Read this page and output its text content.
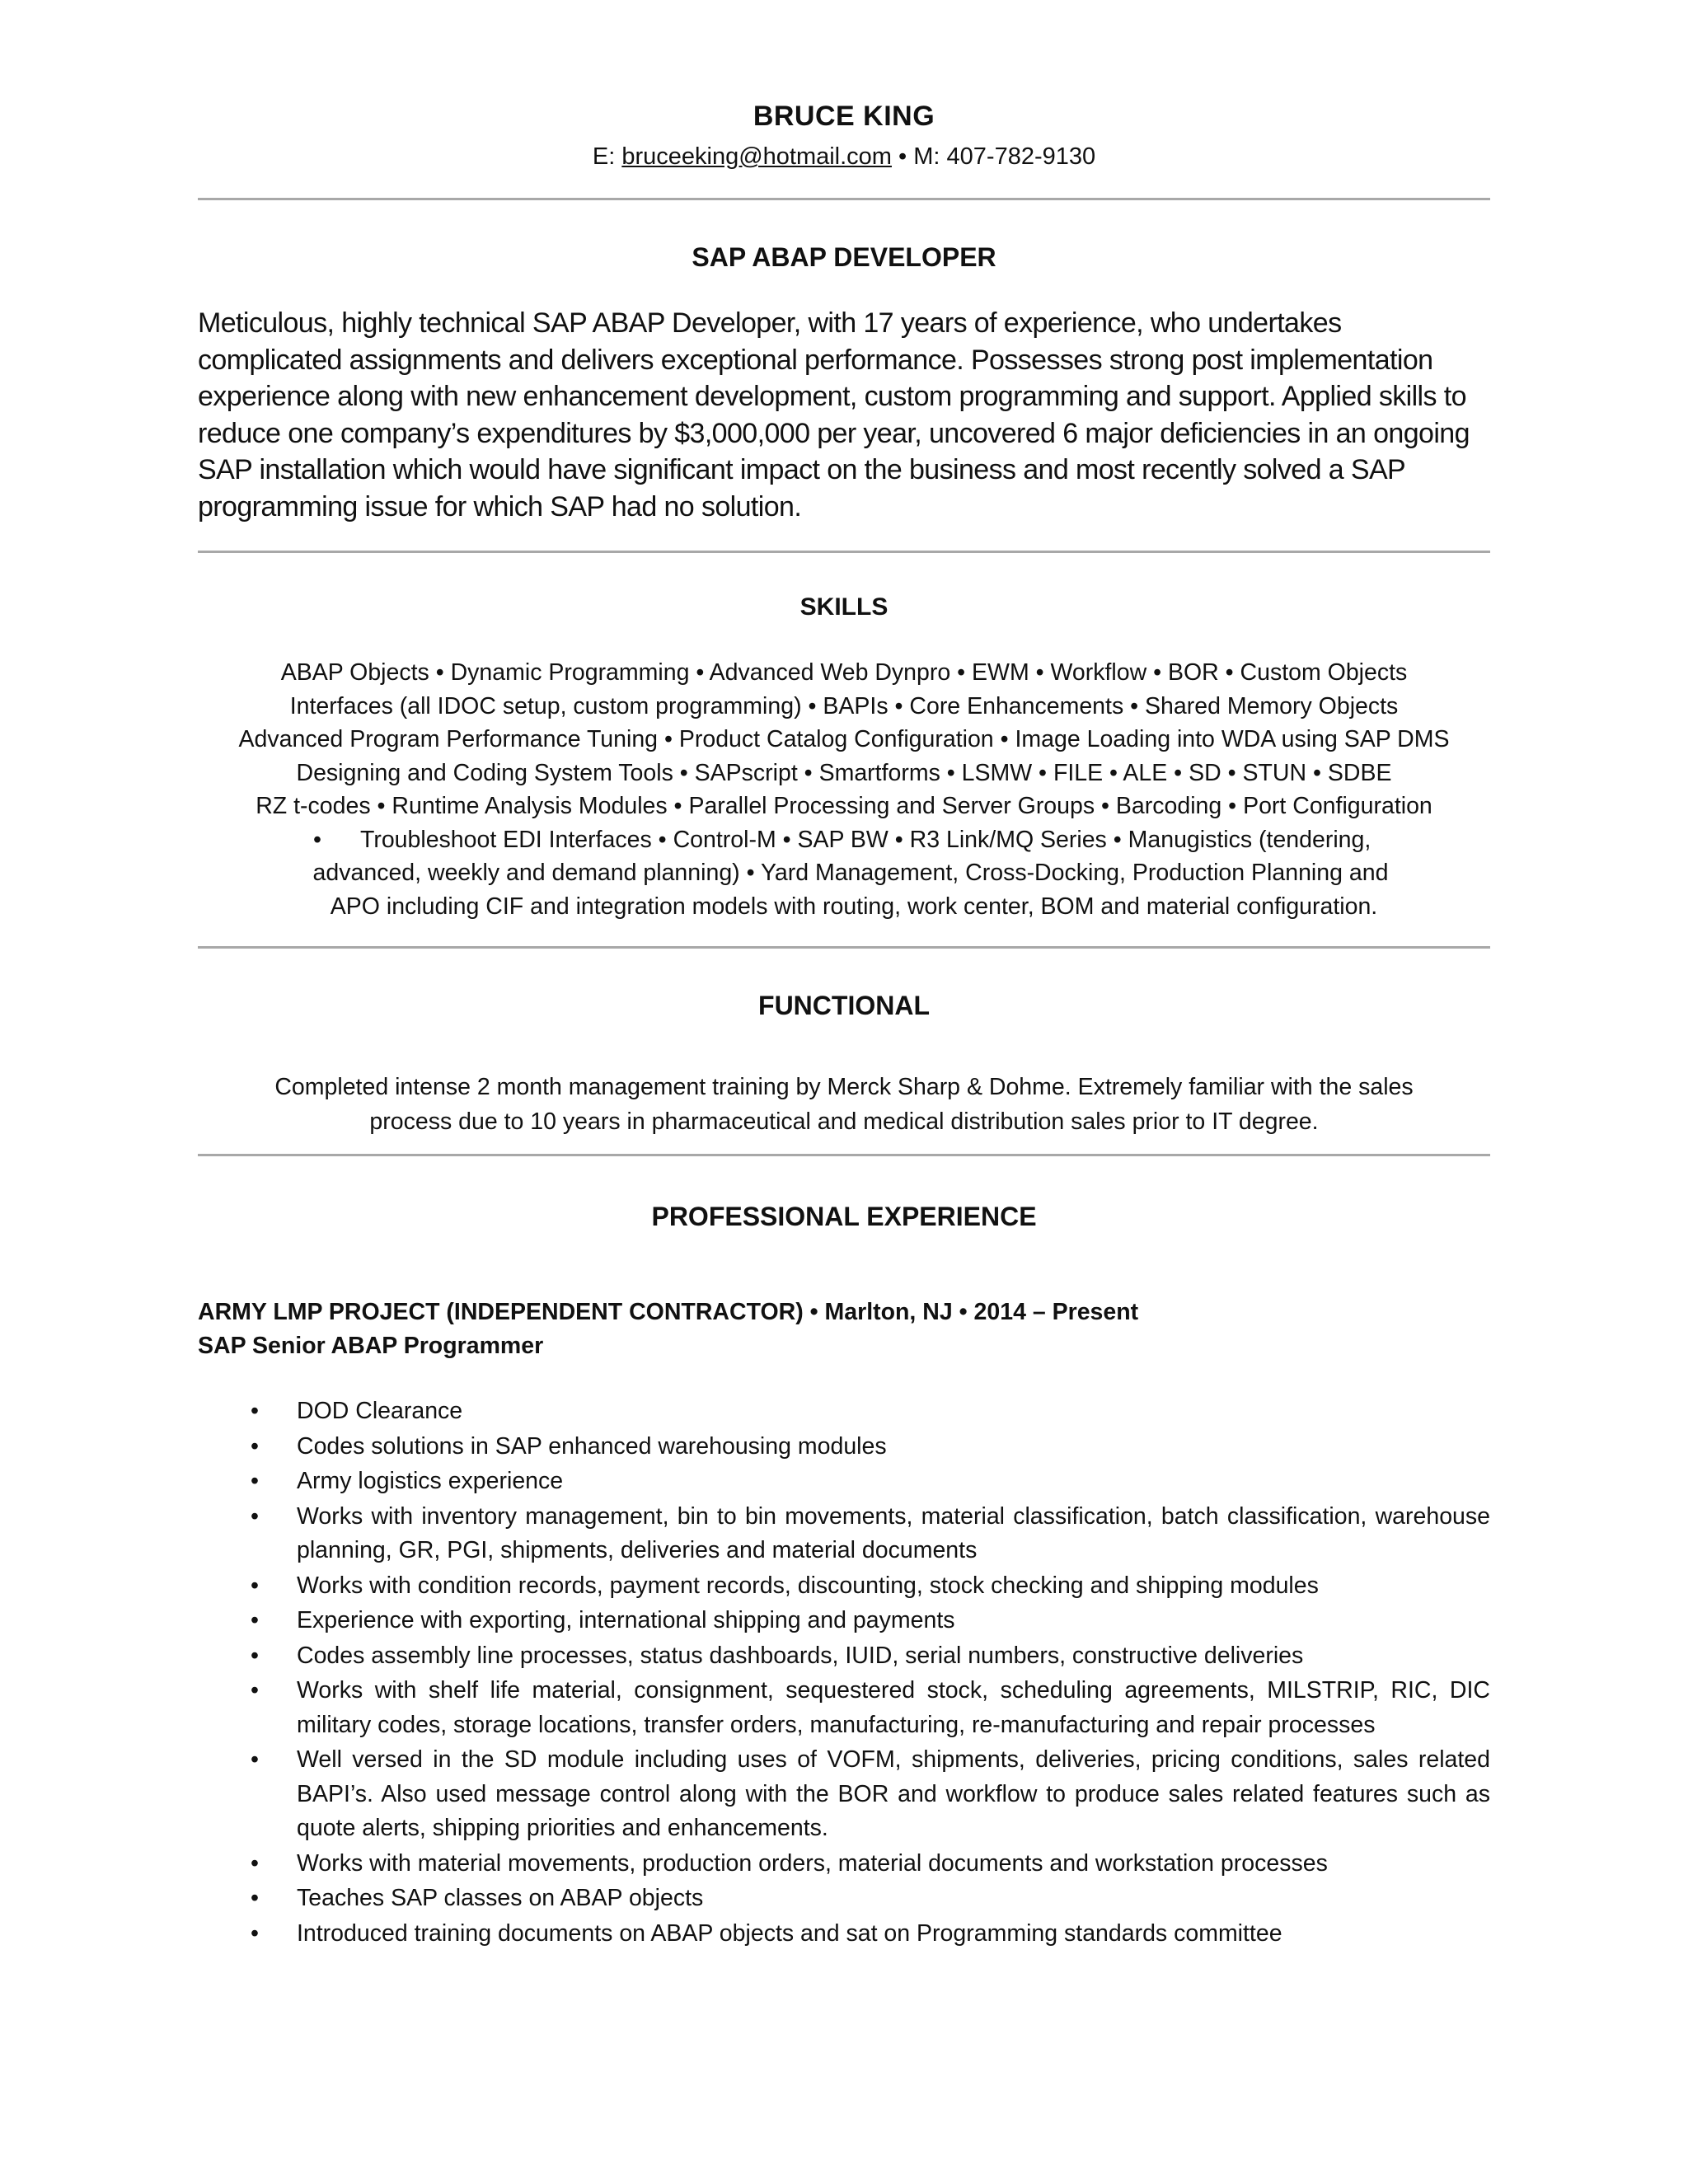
BRUCE KING
E: bruceeking@hotmail.com • M: 407-782-9130
SAP ABAP DEVELOPER
Meticulous, highly technical SAP ABAP Developer, with 17 years of experience, who undertakes complicated assignments and delivers exceptional performance. Possesses strong post implementation experience along with new enhancement development, custom programming and support. Applied skills to reduce one company’s expenditures by $3,000,000 per year, uncovered 6 major deficiencies in an ongoing SAP installation which would have significant impact on the business and most recently solved a SAP programming issue for which SAP had no solution.
SKILLS
ABAP Objects • Dynamic Programming • Advanced Web Dynpro • EWM • Workflow • BOR • Custom Objects
Interfaces (all IDOC setup, custom programming) • BAPIs • Core Enhancements • Shared Memory Objects
Advanced Program Performance Tuning • Product Catalog Configuration • Image Loading into WDA using SAP DMS
Designing and Coding System Tools • SAPscript • Smartforms • LSMW • FILE • ALE • SD • STUN • SDBE
RZ t-codes • Runtime Analysis Modules • Parallel Processing and Server Groups • Barcoding • Port Configuration
•      Troubleshoot EDI Interfaces • Control-M • SAP BW • R3 Link/MQ Series • Manugistics (tendering,
advanced, weekly and demand planning) • Yard Management, Cross-Docking, Production Planning and
APO including CIF and integration models with routing, work center, BOM and material configuration.
FUNCTIONAL
Completed intense 2 month management training by Merck Sharp & Dohme. Extremely familiar with the sales
process due to 10 years in pharmaceutical and medical distribution sales prior to IT degree.
PROFESSIONAL EXPERIENCE
ARMY LMP PROJECT (INDEPENDENT CONTRACTOR) • Marlton, NJ • 2014 – Present
SAP Senior ABAP Programmer
• DOD Clearance
• Codes solutions in SAP enhanced warehousing modules
• Army logistics experience
• Works with inventory management, bin to bin movements, material classification, batch classification, warehouse planning, GR, PGI, shipments, deliveries and material documents
• Works with condition records, payment records, discounting, stock checking and shipping modules
• Experience with exporting, international shipping and payments
• Codes assembly line processes, status dashboards, IUID, serial numbers, constructive deliveries
• Works with shelf life material, consignment, sequestered stock, scheduling agreements, MILSTRIP, RIC, DIC military codes, storage locations, transfer orders, manufacturing, re-manufacturing and repair processes
• Well versed in the SD module including uses of VOFM, shipments, deliveries, pricing conditions, sales related BAPI’s. Also used message control along with the BOR and workflow to produce sales related features such as quote alerts, shipping priorities and enhancements.
• Works with material movements, production orders, material documents and workstation processes
• Teaches SAP classes on ABAP objects
• Introduced training documents on ABAP objects and sat on Programming standards committee
